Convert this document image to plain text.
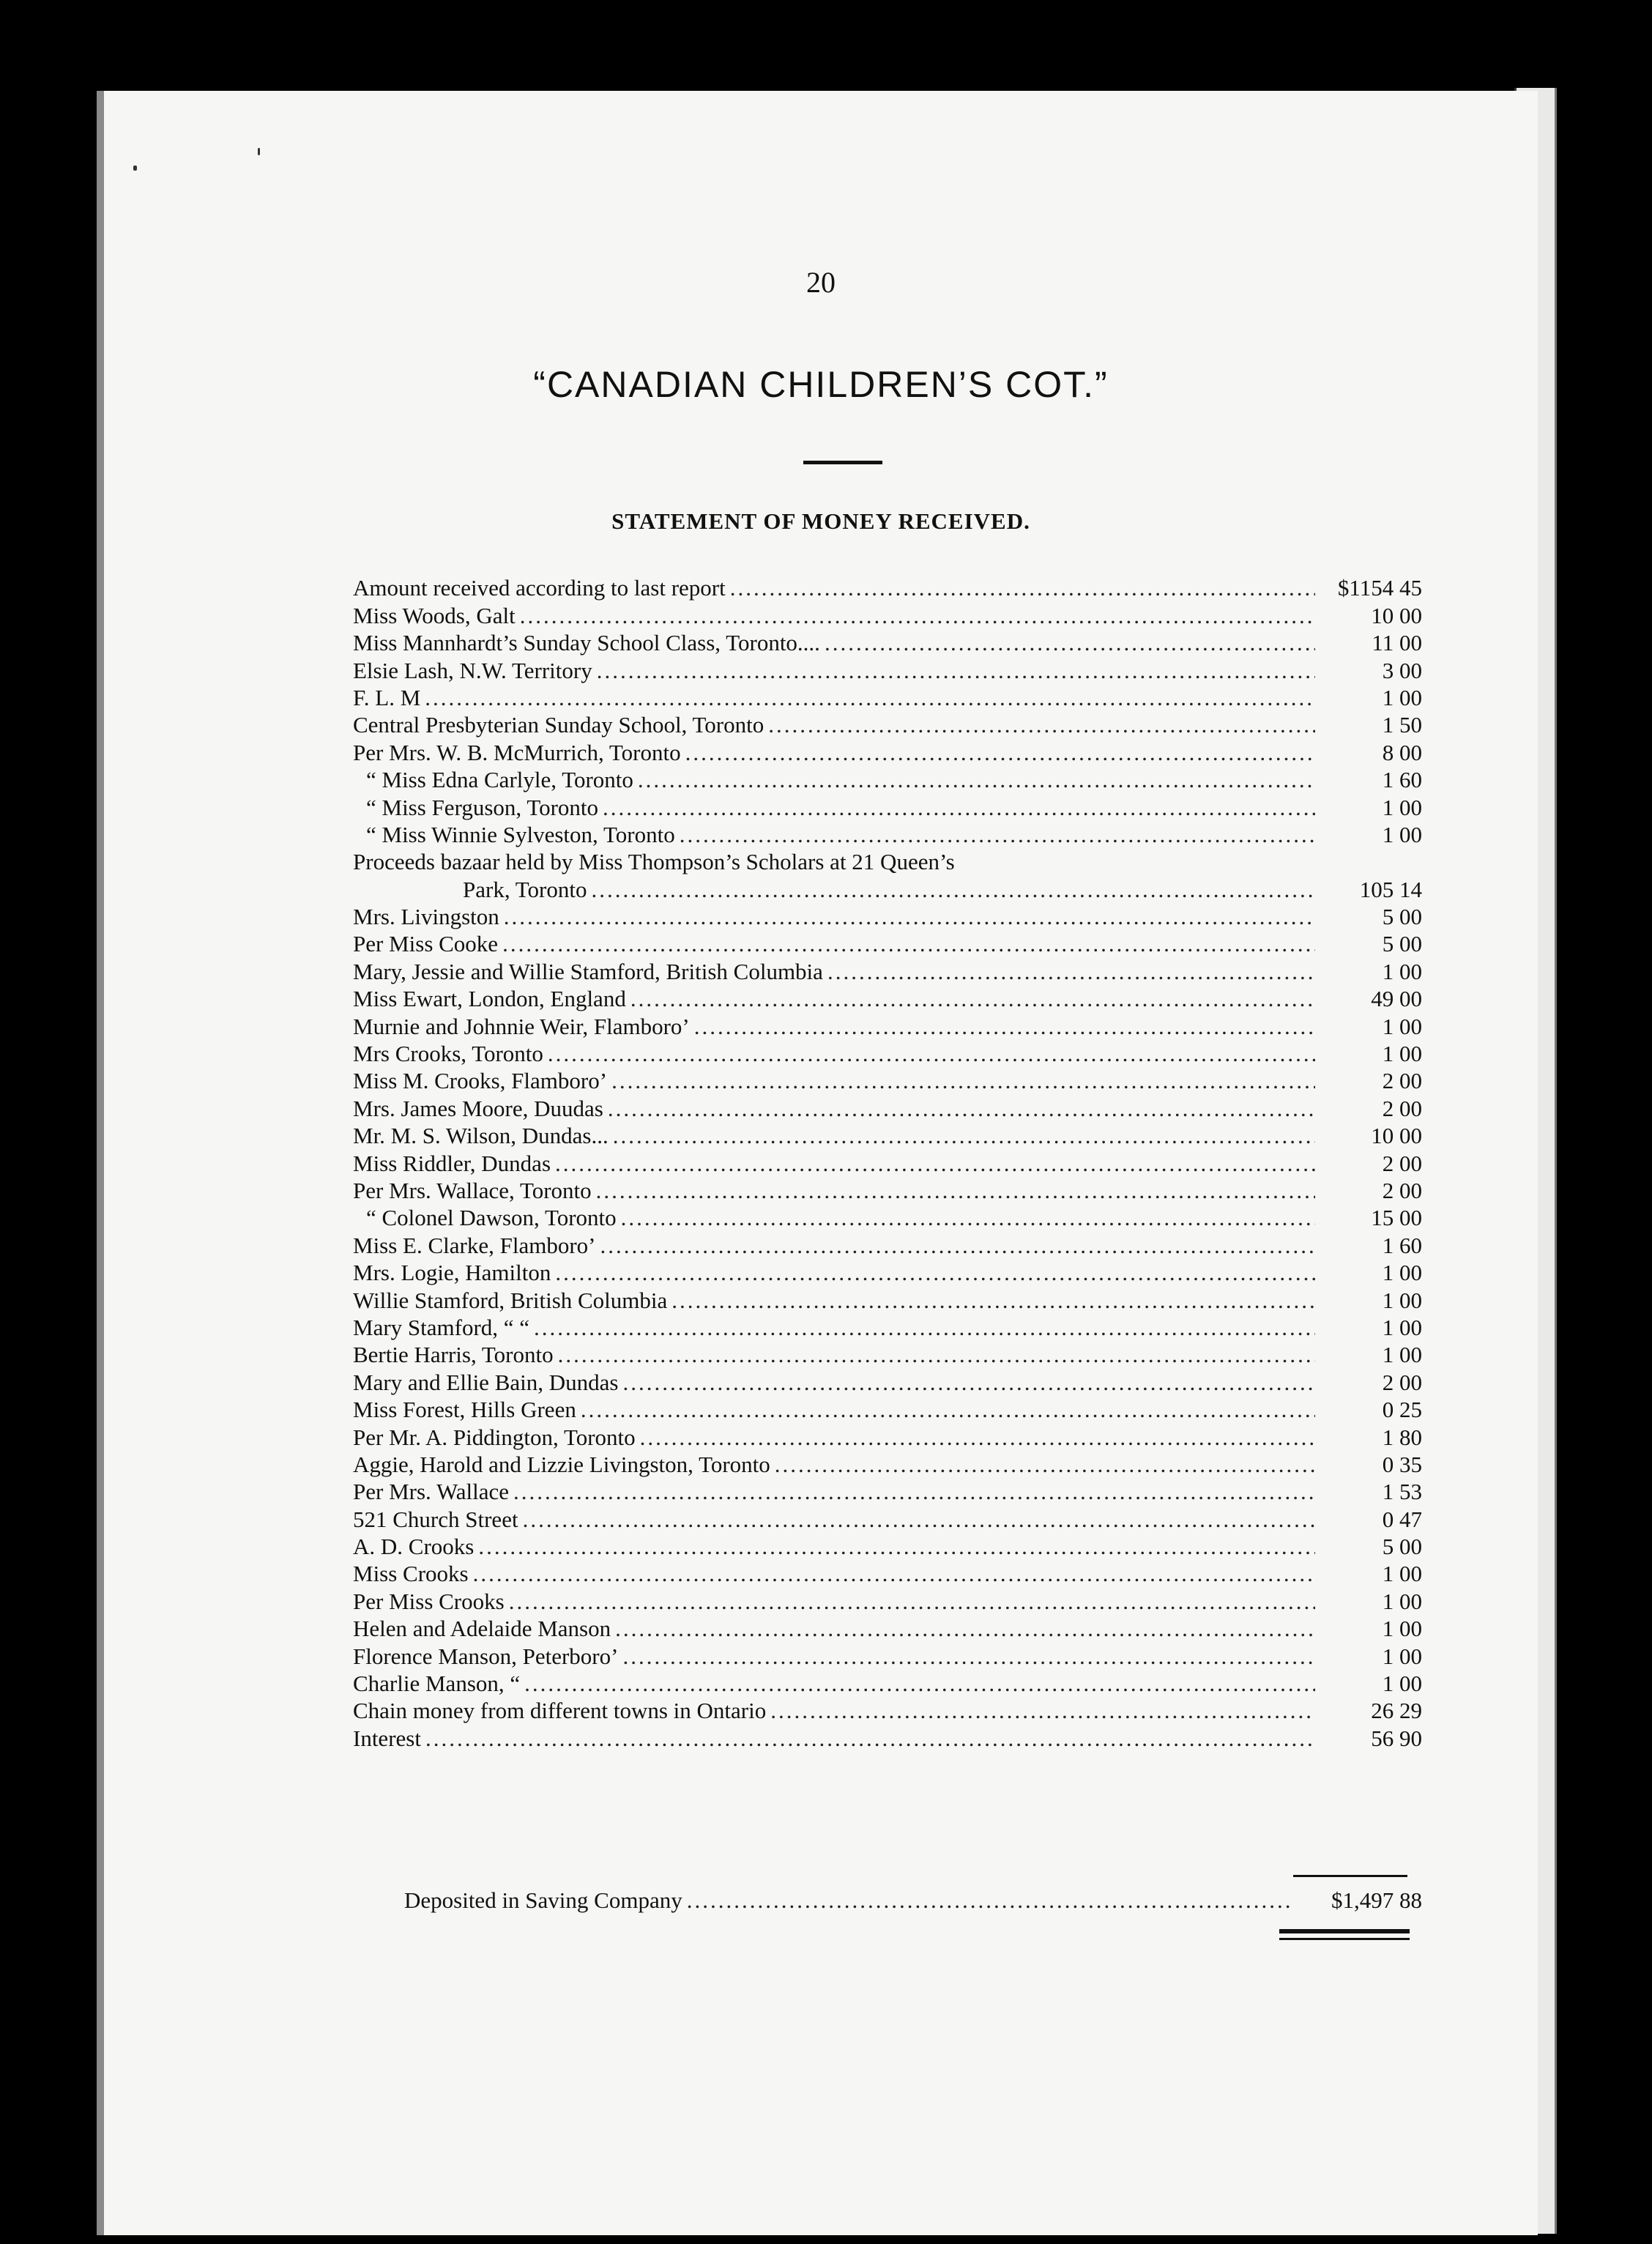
20
“CANADIAN CHILDREN’S COT.”
STATEMENT OF MONEY RECEIVED.
Amount received according to last report .....	$1154 45
Miss Woods, Galt .....	10 00
Miss Mannhardt’s Sunday School Class, Toronto.... .....	11 00
Elsie Lash, N.W. Territory .....	3 00
F. L. M .....	1 00
Central Presbyterian Sunday School, Toronto .....	1 50
Per Mrs. W. B. McMurrich, Toronto .....	8 00
“ Miss Edna Carlyle, Toronto .....	1 60
“ Miss Ferguson, Toronto .....	1 00
“ Miss Winnie Sylveston, Toronto .....	1 00
Proceeds bazaar held by Miss Thompson’s Scholars at 21 Queen’s
Park, Toronto .....	105 14
Mrs. Livingston .....	5 00
Per Miss Cooke .....	5 00
Mary, Jessie and Willie Stamford, British Columbia .....	1 00
Miss Ewart, London, England .....	49 00
Murnie and Johnnie Weir, Flamboro’ .....	1 00
Mrs Crooks, Toronto .....	1 00
Miss M. Crooks, Flamboro’ .....	2 00
Mrs. James Moore, Duudas .....	2 00
Mr. M. S. Wilson, Dundas... .....	10 00
Miss Riddler, Dundas .....	2 00
Per Mrs. Wallace, Toronto .....	2 00
“ Colonel Dawson, Toronto .....	15 00
Miss E. Clarke, Flamboro’ .....	1 60
Mrs. Logie, Hamilton .....	1 00
Willie Stamford, British Columbia .....	1 00
Mary Stamford, “ “ .....	1 00
Bertie Harris, Toronto .....	1 00
Mary and Ellie Bain, Dundas .....	2 00
Miss Forest, Hills Green .....	0 25
Per Mr. A. Piddington, Toronto .....	1 80
Aggie, Harold and Lizzie Livingston, Toronto .....	0 35
Per Mrs. Wallace .....	1 53
521 Church Street .....	0 47
A. D. Crooks .....	5 00
Miss Crooks .....	1 00
Per Miss Crooks .....	1 00
Helen and Adelaide Manson .....	1 00
Florence Manson, Peterboro’ .....	1 00
Charlie Manson, “ .....	1 00
Chain money from different towns in Ontario .....	26 29
Interest .....	56 90
Deposited in Saving Company .....	$1,497 88
